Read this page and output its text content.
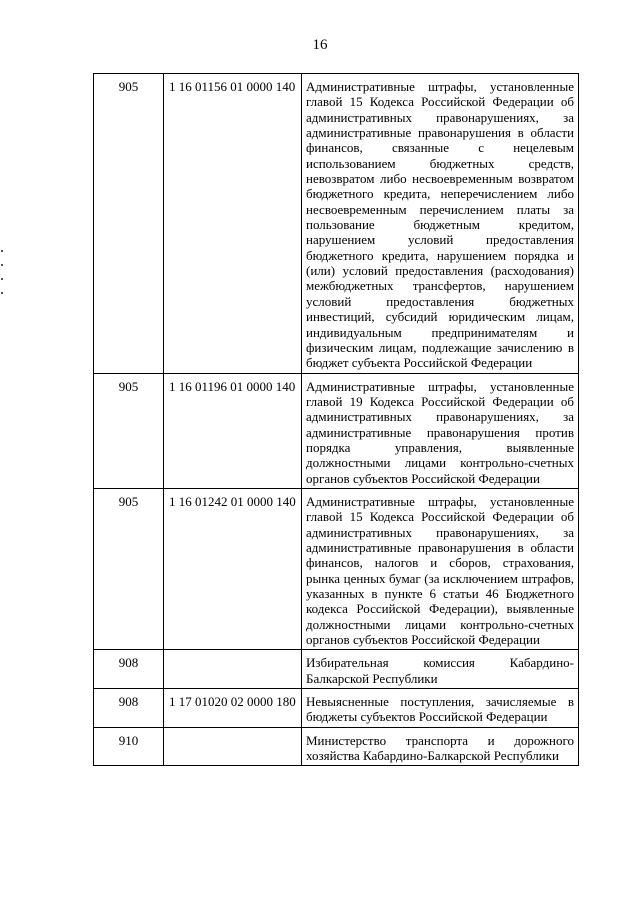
16
905	1 16 01156 01 0000 140	Административные штрафы, установленные главой 15 Кодекса Российской Федерации об административных правонарушениях, за административные правонарушения в области финансов, связанные с нецелевым использованием бюджетных средств, невозвратом либо несвоевременным возвратом бюджетного кредита, неперечислением либо несвоевременным перечислением платы за пользование бюджетным кредитом, нарушением условий предоставления бюджетного кредита, нарушением порядка и (или) условий предоставления (расходования) межбюджетных трансфертов, нарушением условий предоставления бюджетных инвестиций, субсидий юридическим лицам, индивидуальным предпринимателям и физическим лицам, подлежащие зачислению в бюджет субъекта Российской Федерации
905	1 16 01196 01 0000 140	Административные штрафы, установленные главой 19 Кодекса Российской Федерации об административных правонарушениях, за административные правонарушения против порядка управления, выявленные должностными лицами контрольно-счетных органов субъектов Российской Федерации
905	1 16 01242 01 0000 140	Административные штрафы, установленные главой 15 Кодекса Российской Федерации об административных правонарушениях, за административные правонарушения в области финансов, налогов и сборов, страхования, рынка ценных бумаг (за исключением штрафов, указанных в пункте 6 статьи 46 Бюджетного кодекса Российской Федерации), выявленные должностными лицами контрольно-счетных органов субъектов Российской Федерации
908		Избирательная комиссия Кабардино-Балкарской Республики
908	1 17 01020 02 0000 180	Невыясненные поступления, зачисляемые в бюджеты субъектов Российской Федерации
910		Министерство транспорта и дорожного хозяйства Кабардино-Балкарской Республики
